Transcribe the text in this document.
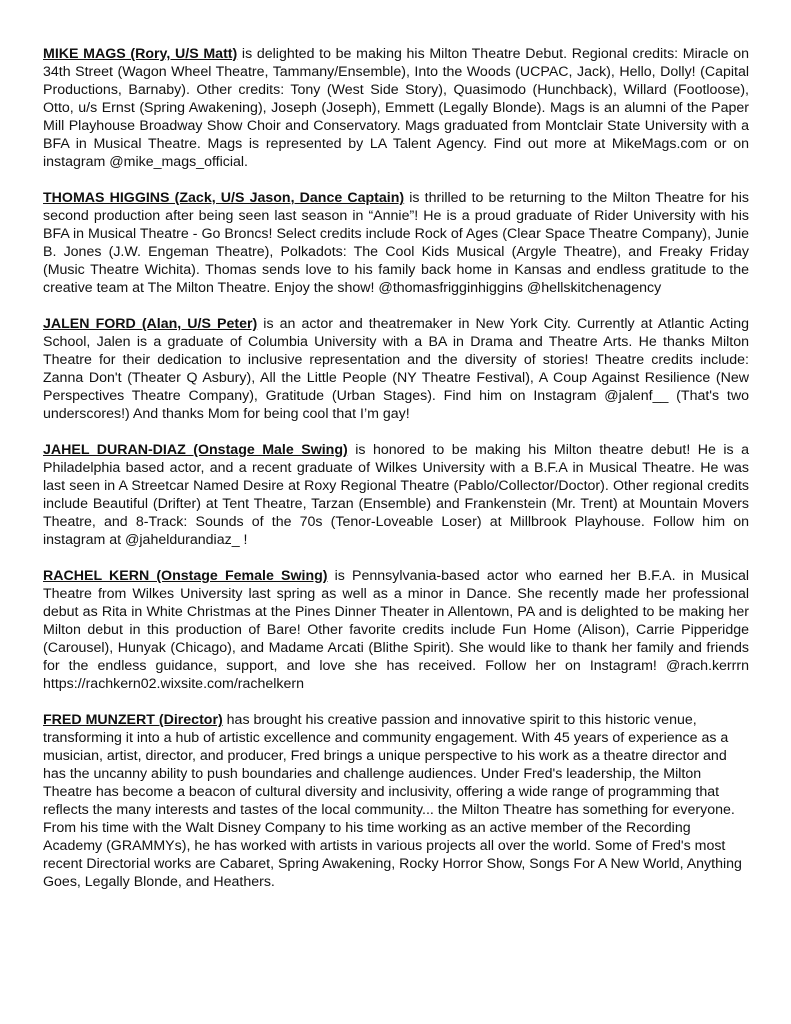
MIKE MAGS (Rory, U/S Matt) is delighted to be making his Milton Theatre Debut. Regional credits: Miracle on 34th Street (Wagon Wheel Theatre, Tammany/Ensemble), Into the Woods (UCPAC, Jack), Hello, Dolly! (Capital Productions, Barnaby). Other credits: Tony (West Side Story), Quasimodo (Hunchback), Willard (Footloose), Otto, u/s Ernst (Spring Awakening), Joseph (Joseph), Emmett (Legally Blonde). Mags is an alumni of the Paper Mill Playhouse Broadway Show Choir and Conservatory. Mags graduated from Montclair State University with a BFA in Musical Theatre. Mags is represented by LA Talent Agency. Find out more at MikeMags.com or on instagram @mike_mags_official.

THOMAS HIGGINS (Zack, U/S Jason, Dance Captain) is thrilled to be returning to the Milton Theatre for his second production after being seen last season in “Annie”! He is a proud graduate of Rider University with his BFA in Musical Theatre - Go Broncs! Select credits include Rock of Ages (Clear Space Theatre Company), Junie B. Jones (J.W. Engeman Theatre), Polkadots: The Cool Kids Musical (Argyle Theatre), and Freaky Friday (Music Theatre Wichita). Thomas sends love to his family back home in Kansas and endless gratitude to the creative team at The Milton Theatre. Enjoy the show! @thomasfrigginhiggins @hellskitchenagency

JALEN FORD (Alan, U/S Peter) is an actor and theatremaker in New York City. Currently at Atlantic Acting School, Jalen is a graduate of Columbia University with a BA in Drama and Theatre Arts. He thanks Milton Theatre for their dedication to inclusive representation and the diversity of stories! Theatre credits include: Zanna Don't (Theater Q Asbury), All the Little People (NY Theatre Festival), A Coup Against Resilience (New Perspectives Theatre Company), Gratitude (Urban Stages). Find him on Instagram @jalenf__ (That's two underscores!) And thanks Mom for being cool that I’m gay!

JAHEL DURAN-DIAZ (Onstage Male Swing) is honored to be making his Milton theatre debut! He is a Philadelphia based actor, and a recent graduate of Wilkes University with a B.F.A in Musical Theatre. He was last seen in A Streetcar Named Desire at Roxy Regional Theatre (Pablo/Collector/Doctor). Other regional credits include Beautiful (Drifter) at Tent Theatre, Tarzan (Ensemble) and Frankenstein (Mr. Trent) at Mountain Movers Theatre, and 8-Track: Sounds of the 70s (Tenor-Loveable Loser) at Millbrook Playhouse. Follow him on instagram at @jaheldurandiaz_ !

RACHEL KERN (Onstage Female Swing) is Pennsylvania-based actor who earned her B.F.A. in Musical Theatre from Wilkes University last spring as well as a minor in Dance. She recently made her professional debut as Rita in White Christmas at the Pines Dinner Theater in Allentown, PA and is delighted to be making her Milton debut in this production of Bare! Other favorite credits include Fun Home (Alison), Carrie Pipperidge (Carousel), Hunyak (Chicago), and Madame Arcati (Blithe Spirit). She would like to thank her family and friends for the endless guidance, support, and love she has received. Follow her on Instagram! @rach.kerrrn https://rachkern02.wixsite.com/rachelkern

FRED MUNZERT (Director) has brought his creative passion and innovative spirit to this historic venue, transforming it into a hub of artistic excellence and community engagement. With 45 years of experience as a musician, artist, director, and producer, Fred brings a unique perspective to his work as a theatre director and has the uncanny ability to push boundaries and challenge audiences. Under Fred's leadership, the Milton Theatre has become a beacon of cultural diversity and inclusivity, offering a wide range of programming that reflects the many interests and tastes of the local community... the Milton Theatre has something for everyone. From his time with the Walt Disney Company to his time working as an active member of the Recording Academy (GRAMMYs), he has worked with artists in various projects all over the world. Some of Fred's most recent Directorial works are Cabaret, Spring Awakening, Rocky Horror Show, Songs For A New World, Anything Goes, Legally Blonde, and Heathers.
